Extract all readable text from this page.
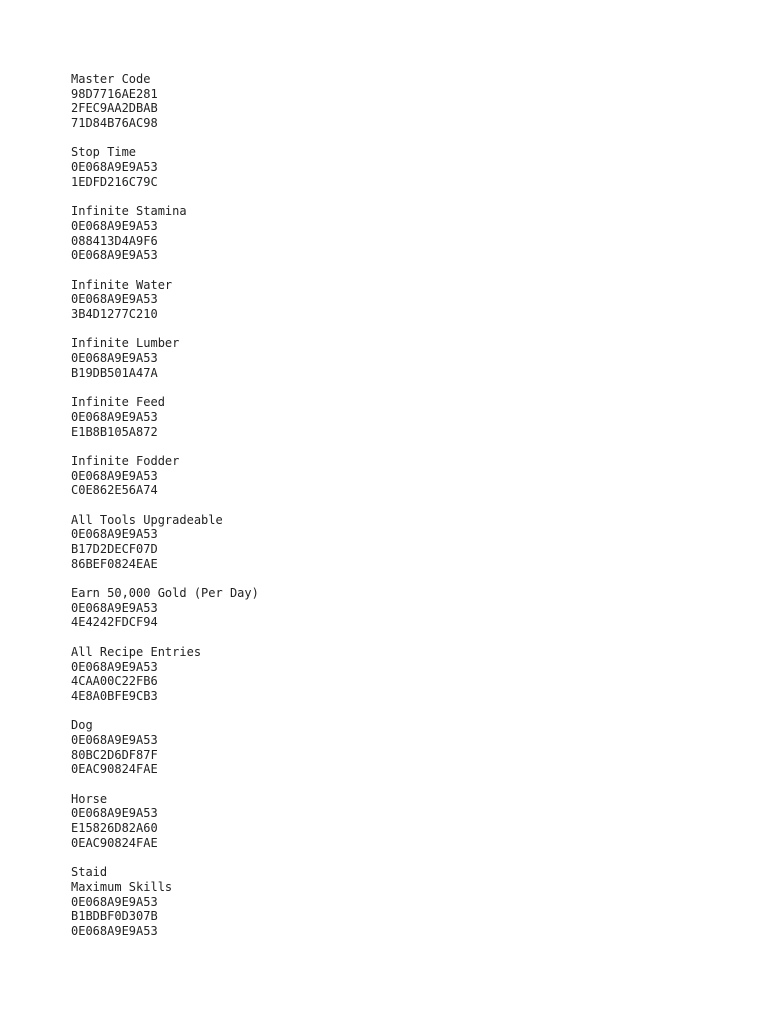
Master Code
98D7716AE281
2FEC9AA2DBAB
71D84B76AC98
Stop Time
0E068A9E9A53
1EDFD216C79C
Infinite Stamina
0E068A9E9A53
088413D4A9F6
0E068A9E9A53
Infinite Water
0E068A9E9A53
3B4D1277C210
Infinite Lumber
0E068A9E9A53
B19DB501A47A
Infinite Feed
0E068A9E9A53
E1B8B105A872
Infinite Fodder
0E068A9E9A53
C0E862E56A74
All Tools Upgradeable
0E068A9E9A53
B17D2DECF07D
86BEF0824EAE
Earn 50,000 Gold (Per Day)
0E068A9E9A53
4E4242FDCF94
All Recipe Entries
0E068A9E9A53
4CAA00C22FB6
4E8A0BFE9CB3
Dog
0E068A9E9A53
80BC2D6DF87F
0EAC90824FAE
Horse
0E068A9E9A53
E15826D82A60
0EAC90824FAE
Staid
Maximum Skills
0E068A9E9A53
B1BDBF0D307B
0E068A9E9A53
